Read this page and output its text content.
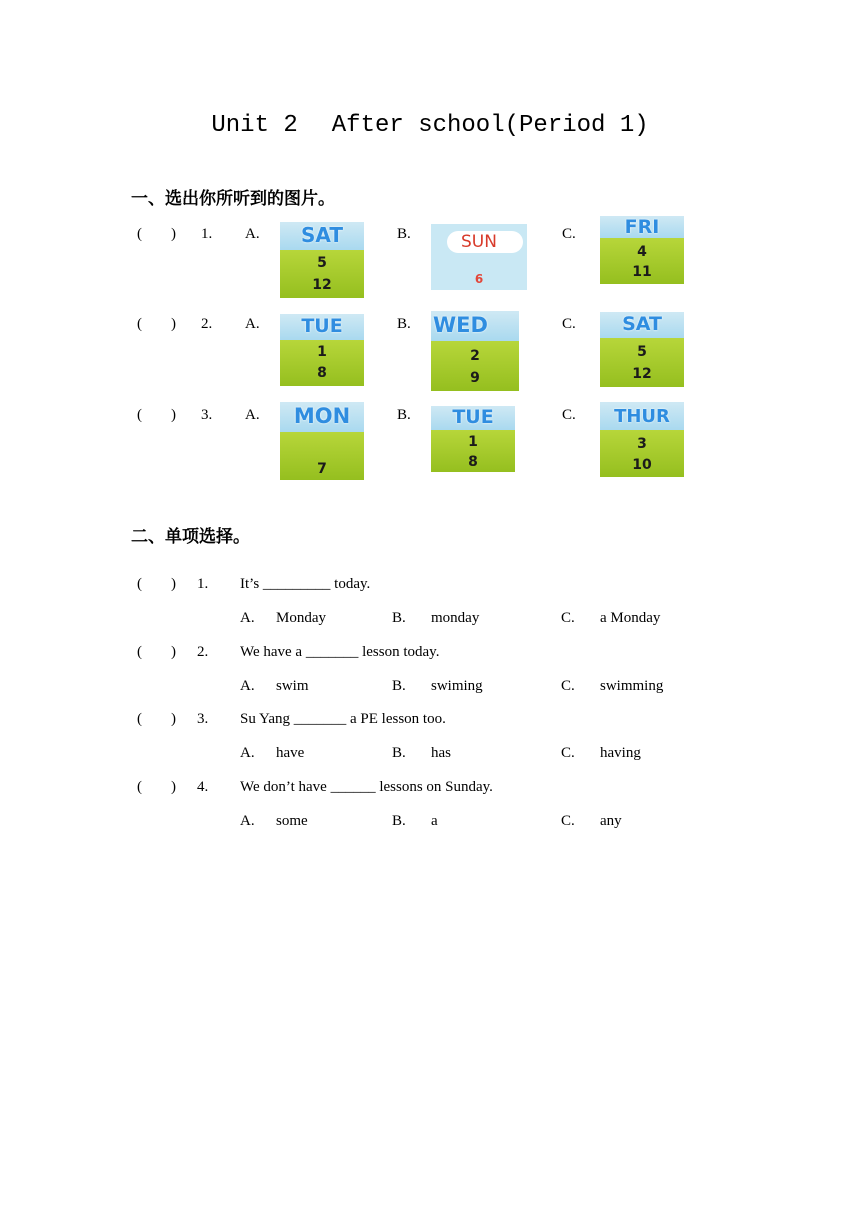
Unit 2 After school(Period 1)
一、选出你所听到的图片。
( ) 1. A.	SAT
5
12
B.	SUN
6
C.	FRI
4
11
( ) 2. A.	TUE
1
8
B. WED
2
9
C.	SAT
5
12
( ) 3. A.	MON
7
B.	TUE
1
8
C.	THUR
3
10
二、单项选择。
( ) 1. It’s _________ today.
A. Monday	B. monday	C. a Monday
( ) 2. We have a _______ lesson today.
A. swim	B. swiming	C. swimming
( ) 3. Su Yang _______ a PE lesson too.
A. have	B. has	C. having
( ) 4. We don’t have ______ lessons on Sunday.
A. some	B. a	C. any
